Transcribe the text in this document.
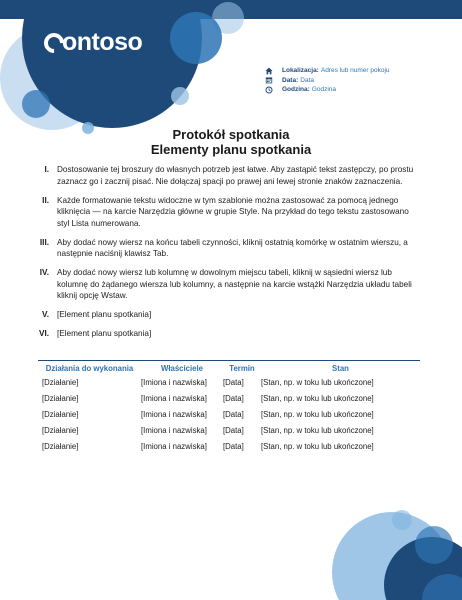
ontoso
Lokalizacja: Adres lub numer pokoju
Data: Data
Godzina: Godzina
Protokół spotkania
Elementy planu spotkania
I. Dostosowanie tej broszury do własnych potrzeb jest łatwe. Aby zastąpić tekst zastępczy, po prostu zaznacz go i zacznij pisać. Nie dołączaj spacji po prawej ani lewej stronie znaków zaznaczenia.
II. Każde formatowanie tekstu widoczne w tym szablonie można zastosować za pomocą jednego kliknięcia — na karcie Narzędzia główne w grupie Style. Na przykład do tego tekstu zastosowano styl Lista numerowana.
III. Aby dodać nowy wiersz na końcu tabeli czynności, kliknij ostatnią komórkę w ostatnim wierszu, a następnie naciśnij klawisz Tab.
IV. Aby dodać nowy wiersz lub kolumnę w dowolnym miejscu tabeli, kliknij w sąsiedni wiersz lub kolumnę do żądanego wiersza lub kolumny, a następnie na karcie wstążki Narzędzia układu tabeli kliknij opcję Wstaw.
V. [Element planu spotkania]
VI. [Element planu spotkania]
Działania do wykonania	Właściciele	Termin	Stan
[Działanie]	[Imiona i nazwiska]	[Data]	[Stan, np. w toku lub ukończone]
[Działanie]	[Imiona i nazwiska]	[Data]	[Stan, np. w toku lub ukończone]
[Działanie]	[Imiona i nazwiska]	[Data]	[Stan, np. w toku lub ukończone]
[Działanie]	[Imiona i nazwiska]	[Data]	[Stan, np. w toku lub ukończone]
[Działanie]	[Imiona i nazwiska]	[Data]	[Stan, np. w toku lub ukończone]
